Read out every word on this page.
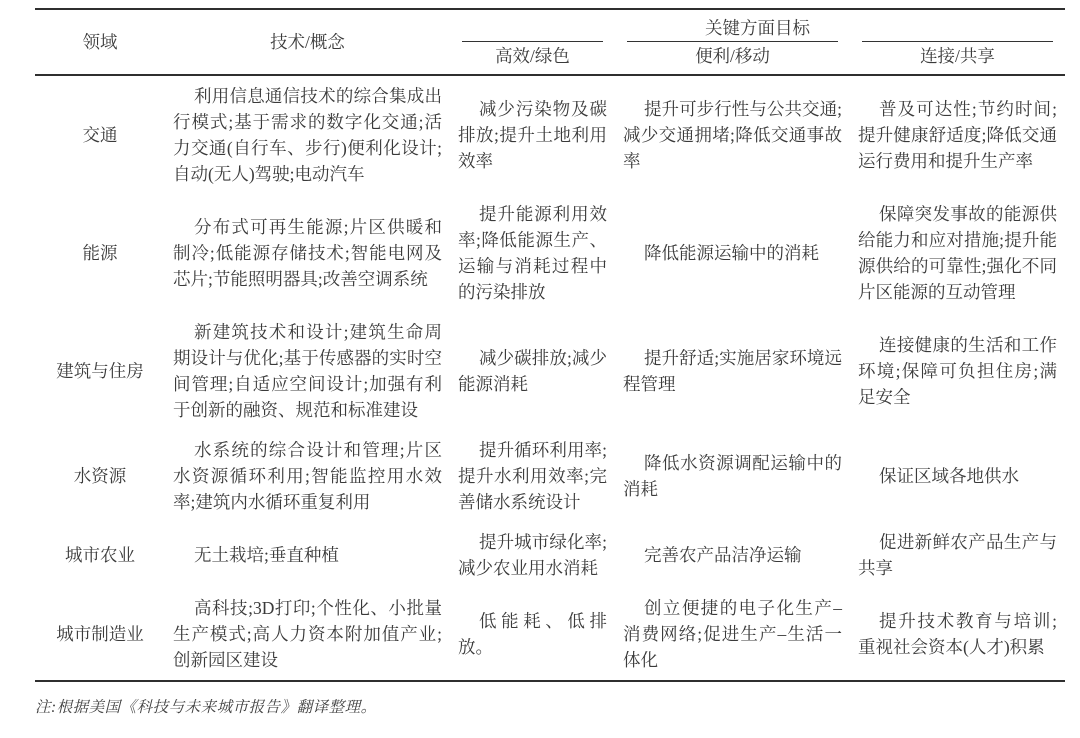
领域	技术/概念	关键方面目标		
		高效/绿色	便利/移动	连接/共享
交通	利用信息通信技术的综合集成出行模式;基于需求的数字化交通;活力交通(自行车、步行)便利化设计;自动(无人)驾驶;电动汽车	减少污染物及碳排放;提升土地利用效率	提升可步行性与公共交通;减少交通拥堵;降低交通事故率	普及可达性;节约时间;提升健康舒适度;降低交通运行费用和提升生产率
能源	分布式可再生能源;片区供暖和制冷;低能源存储技术;智能电网及芯片;节能照明器具;改善空调系统	提升能源利用效率;降低能源生产、运输与消耗过程中的污染排放	降低能源运输中的消耗	保障突发事故的能源供给能力和应对措施;提升能源供给的可靠性;强化不同片区能源的互动管理
建筑与住房	新建筑技术和设计;建筑生命周期设计与优化;基于传感器的实时空间管理;自适应空间设计;加强有利于创新的融资、规范和标准建设	减少碳排放;减少能源消耗	提升舒适;实施居家环境远程管理	连接健康的生活和工作环境;保障可负担住房;满足安全
水资源	水系统的综合设计和管理;片区水资源循环利用;智能监控用水效率;建筑内水循环重复利用	提升循环利用率;提升水利用效率;完善储水系统设计	降低水资源调配运输中的消耗	保证区域各地供水
城市农业	无土栽培;垂直种植	提升城市绿化率;减少农业用水消耗	完善农产品洁净运输	促进新鲜农产品生产与共享
城市制造业	高科技;3D打印;个性化、小批量生产模式;高人力资本附加值产业;创新园区建设	低能耗、低排放。	创立便捷的电子化生产–消费网络;促进生产–生活一体化	提升技术教育与培训;重视社会资本(人才)积累

注:根据美国《科技与未来城市报告》翻译整理。
